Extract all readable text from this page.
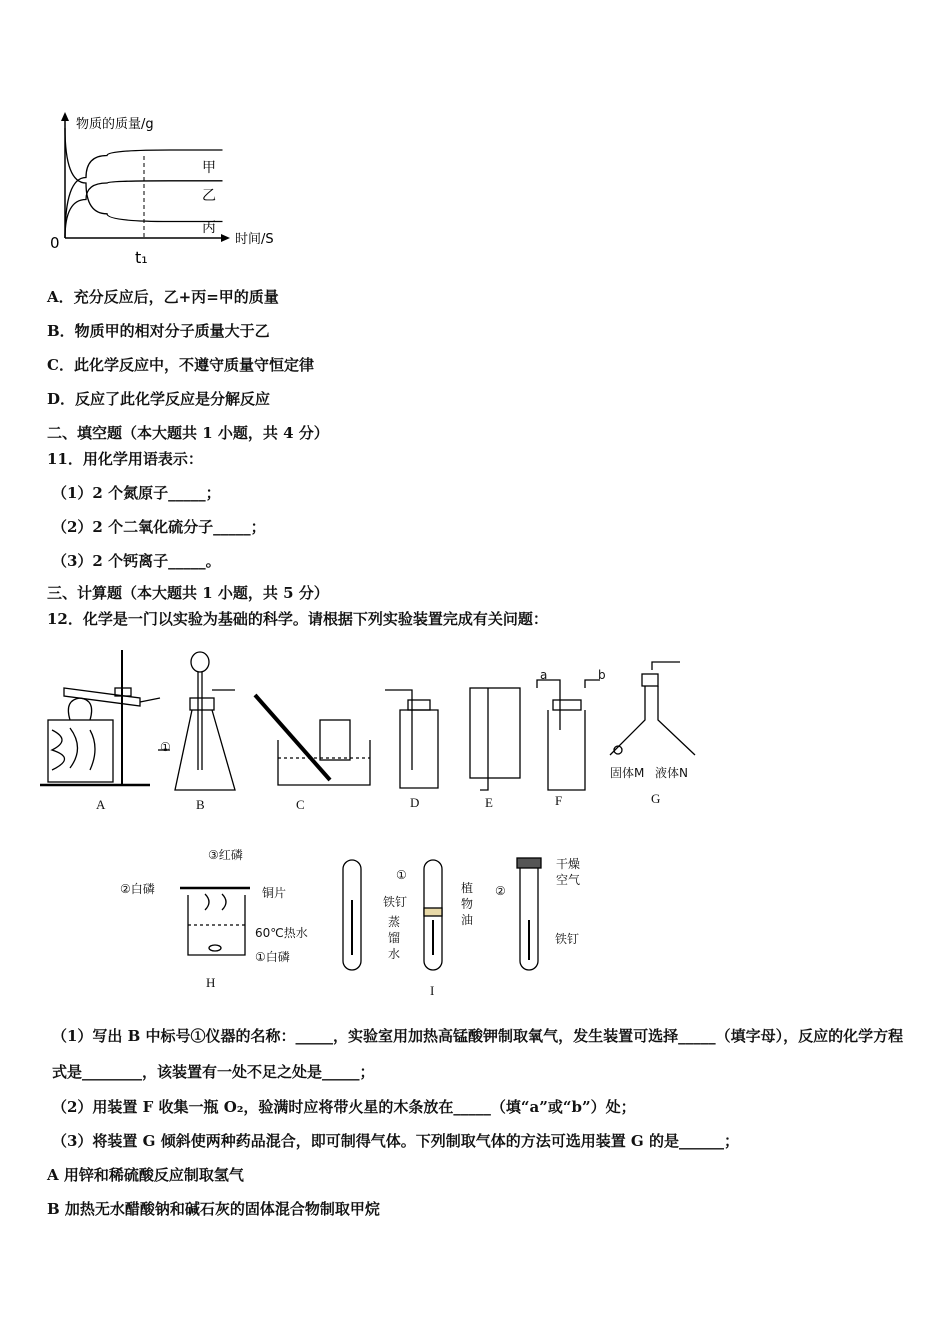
物质的质量/g
时间/S
0
t₁
甲
乙
丙
A．充分反应后，乙+丙=甲的质量
B．物质甲的相对分子质量大于乙
C．此化学反应中，不遵守质量守恒定律
D．反应了此化学反应是分解反应
二、填空题（本大题共 1 小题，共 4 分）
11．用化学用语表示：
（1）2 个氮原子_____；
（2）2 个二氧化硫分子_____；
（3）2 个钙离子_____。
三、计算题（本大题共 1 小题，共 5 分）
12．化学是一门以实验为基础的科学。请根据下列实验装置完成有关问题：
固体M 液体N
a	b
①
A	B	C	D	E	F	G
③红磷
②白磷	铜片
60℃热水
①白磷
H
铁钉
蒸馏水
植物油
①
②
干燥空气
铁钉
I
（1）写出 B 中标号①仪器的名称：_____，实验室用加热高锰酸钾制取氧气，发生装置可选择_____（填字母），反应的化学方程式是________，该装置有一处不足之处是_____；
（2）用装置 F 收集一瓶 O₂，验满时应将带火星的木条放在_____（填“a”或“b”）处；
（3）将装置 G 倾斜使两种药品混合，即可制得气体。下列制取气体的方法可选用装置 G 的是______；
A 用锌和稀硫酸反应制取氢气
B 加热无水醋酸钠和碱石灰的固体混合物制取甲烷
